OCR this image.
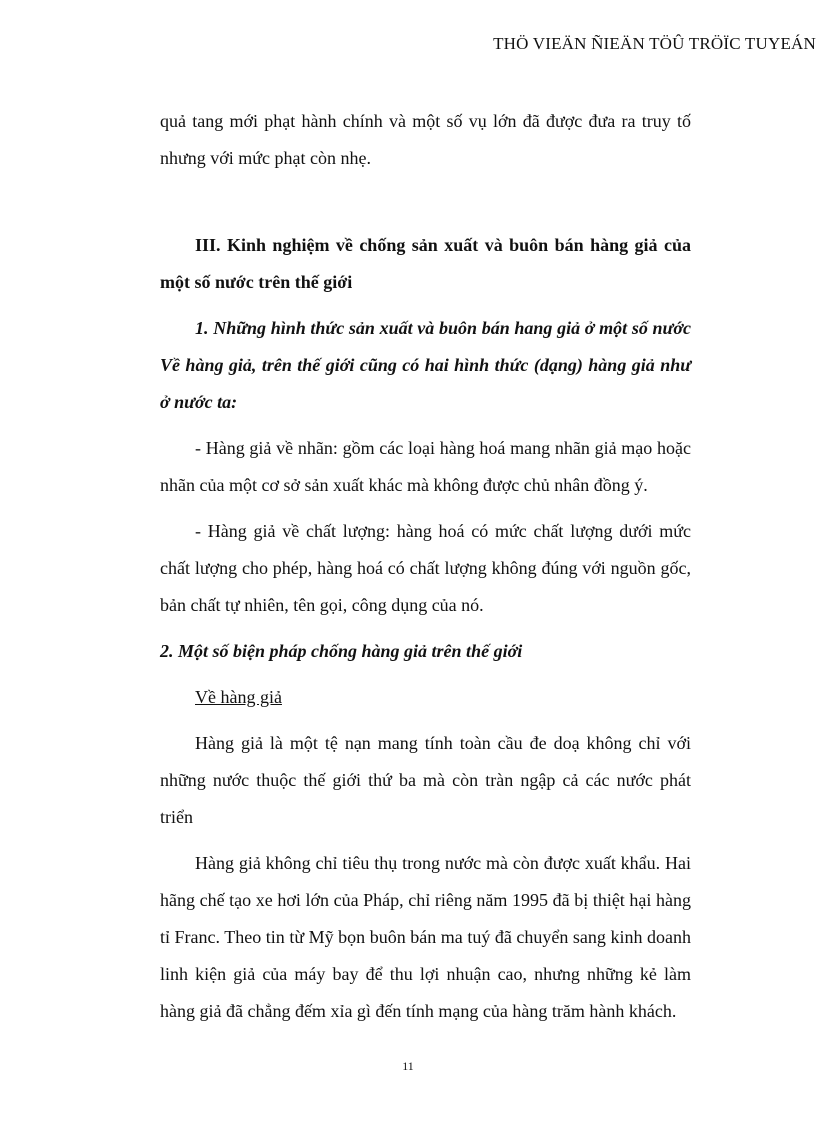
THÖ VIEÄN ÑIEÄN TÖÛ TRÖÏC TUYEÁN

quả tang mới phạt hành chính và một số vụ lớn đã được đưa ra truy tố nhưng với mức phạt còn nhẹ.

III. Kinh nghiệm về chống sản xuất và buôn bán hàng giả của một số nước trên thế giới

1. Những hình thức sản xuất và buôn bán hang giả ở một số nước Về hàng giả, trên thế giới cũng có hai hình thức (dạng) hàng giả như ở nước ta:

- Hàng giả về nhãn: gồm các loại hàng hoá mang nhãn giả mạo hoặc nhãn của một cơ sở sản xuất khác mà không được chủ nhân đồng ý.

- Hàng giả về chất lượng: hàng hoá có mức chất lượng dưới mức chất lượng cho phép, hàng hoá có chất lượng không đúng với nguồn gốc, bản chất tự nhiên, tên gọi, công dụng của nó.

2. Một số biện pháp chống hàng giả trên thế giới

Về hàng giả

Hàng giả là một tệ nạn mang tính toàn cầu đe doạ không chỉ với những nước thuộc thế giới thứ ba mà còn tràn ngập cả các nước phát triển

Hàng giả không chỉ tiêu thụ trong nước mà còn được xuất khẩu. Hai hãng chế tạo xe hơi lớn của Pháp, chỉ riêng năm 1995 đã bị thiệt hại hàng tỉ Franc. Theo tin từ Mỹ bọn buôn bán ma tuý đã chuyển sang kinh doanh linh kiện giả của máy bay để thu lợi nhuận cao, nhưng những kẻ làm hàng giả đã chẳng đếm xỉa gì đến tính mạng của hàng trăm hành khách.

11
